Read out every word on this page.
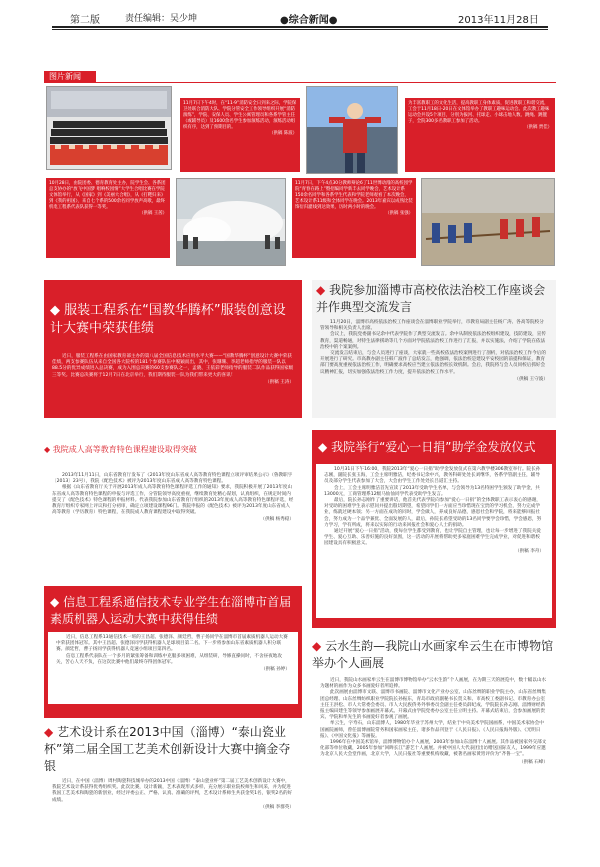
第二版	责任编辑：吴少坤	●综合新闻●	2013年11月28日
图片新闻
11月7日下午4时，在“11·9”消防安全日到来之际，学院保卫处联合消防大队、学院分管安全工作领导组织开展“消防演练”，学院、安保人员、学生公寓管理员和各系学管主任（或辅导员）及1600余名学生参加演练活动，演练活动组织有序，达到了预期目的。
（供稿 陈波）
为丰富教职工的文化生活，提高教职工身体素质，促进教职工和谐交流，工会于11月18日-20日在文体馆举办了教职工趣味运动会。此次教工趣味运动会共设5个项目，分别为拔河、托球走、小球击地人数、跳绳、跳毽子，全院300多名教职工参加了活动。
（供稿 贾佳）
10月28日，由院团委、德育教育处主办，院学生会、各系团总支协办的“放飞中国梦 唱响校园情”大学生合唱比赛在学院文体馆举行，从《国家》到《美丽大合唱》，从《打靶归来》到《我的祖国》，来自七个系的500余名同学放声高歌，最终机电工程系代表队获得一等奖。
（供稿 王茜）
11月7日，下午4点30分教师辩论6了11世博动漫的高校园学院“青春在路上”暨招编同学新丰去同学晚会，艺术设计系150余名同学和各系学生代表和学院老师观看了本次晚会，艺术设计系11级和全体同学在晚会。2013年嘉宾以成熟比装饰衍归灌线到达效果，历时两小时的晚会。
（供稿 张强）
◆ 服装工程系在“国教华腾杯”服装创意设计大赛中荣获佳绩
近日，服装工程系在由国家教育部主办的第八届全国信息技术应用水平大赛——“国教华腾杯”创意设计大赛中荣获佳绩，两支参赛队伍从来自全国各大院校的181个参赛队伍中脱颖而出，其中，张珊珊、李超老师指导的服装一队以88.5分的优异成绩进入总决赛，成为入围总决赛的60支参赛队之一，孟晓、王依彩老师指导的服装二队作品获得国家级三等奖。比赛总决赛将于12月7日在北京举行，我们期待服装一队为我们带来更大的喜讯！
（供稿 王涛）
◆ 我院成人高等教育特色课程建设取得突破
2013年11月11日，山东省教育厅发布了《2013年度山东省成人高等教育特色课程立项评审结果公示》（鲁教职字〔2013〕23号），我院《配色技术》被评为2013年度山东省成人高等教育特色课程。
根据《山东省教育厅关于开展2013年成人高等教育特色课程评选工作的通知》要求，我院积极开展了2013年度山东省成人高等教育特色课程的申报与评选工作，分管院领导高度重视，继续教育处精心谋划，认真组织，在规定时间内提交了《配色技术》特色课程的申报材料。代表我院参加山东省教育厅组织的2013年度成人高等教育特色课程评选，经教育厅组织专家网上评议和打分初审，确定立项建设课程96门。我院申报的《配色技术》被评为2013年度山东省成人高等教育（学历教育）特色课程，在我院成人教育课程建设中取得突破。
（供稿 杨秀稳）
◆ 信息工程系通信技术专业学生在淄博市首届素质机器人运动大赛中获得佳绩
近日，信息工程系13通信技术一班的王昌超、张德泽、颜廷哲，曹子扬同学在淄博市首届素质机器人运动大赛中荣获团体冠军。其中王昌超、张德泽同学获得机器人足球项目第二名。下一步将参加山东省素质机器人积分联赛。颜廷哲，曹子扬同学获得机器人竞速小组项目第四名。
信息工程系代表队在一个多月的紧张筹备和训练中克服多项困难，从组装研，导修直操问时，不舍昼夜地攻关，苦心人天不负，在这次比赛中他们最终夺得团体冠军。
（供稿 孙婷）
◆ 艺术设计系在2013中国（淄博）“泰山瓷业杯”第二届全国工艺美术创新设计大赛中摘金夺银
近日，在中国（淄博）周村陶瓷科技城举办的2013中国（淄博）“泰山瓷业杯”第二届工艺美术创新设计大赛中，我院艺术设计系获得优秀组织奖。此次比赛，设计新颖，艺术表现形式多样，充分展示职业院校师生和风采，并为促进我国工艺美术和陶瓷的新创业，经过评委公正、严格、认真、准确的评判，艺术设计系师生共获金奖1名，银奖2名的好成绩。
（供稿 李群英）
◆ 我院参加淄博市高校依法治校工作座谈会并作典型交流发言
11月20日，淄博市高校依法治校工作座谈会在淄博职业学院举行，市教育局副主任杨广涛、各高等院校分管领导和相关负责人出席。
会议上，我院党委副书记余中代表学院作了典型交流发言。余中从制度依法治校组织建设，技防建设，宣传教育，渠道畅通，对特生法律援助等几个方面对学院依法治校工作进行了汇报，并以实施法，介绍了学院在依法治校中的个案案例。
交流发言结束后，与会人员进行了座谈，大家就一些高校依法治校案例进行了剖析，对依法治校工作今后的开展进行了研究。市高教办副主任韩广波作了总结发言，他强调，依法治校是建设平安校园的前提和保证，教育部门要高度重视依法治校工作，明确要求高校应当建立依法治校长效机制。会后，我院将与会人员同校后抓好会议精神汇报，切实加强依法治校工作力度，提升依法治校工作水平。
（供稿 王守波）
◆ 我院举行“爱心一日捐”助学金发放仪式
10月31日下午16:00，我院2013年“爱心一日捐”助学金发放仪式在第六教学楼306教室举行。院长孙志刚，副院长张玉海，工会主席明雅洁，纪委书记余中兴，教务科研处处长刘继华，各系学管副主任，辅导员及部分学生代表参加了大会，大会由学生工作处处长吕道汇主持。
会上，工会主席明雅洁首先宣读了2013年受助学生名单，与会领导为13名特困学生颁发了助学金，共13000元，工商管理系12级马仙仙同学代表受助学生发言。
最后，院长孙志刚作了重要讲话，他首先代表学院向参加“爱心一日捐”的全体教职工表示衷心的感谢，对受助的困难学生表示慰问并提出殷切期望，希望同学们一方面应当珍惜现在宝贵的学习机会，努力完成学业，练就过硬本领；另一方面在成功的同时，学会做人，养成良好品德，感恩社会和学院，将来能够回报社会，努力成为一个品学兼优、全面发展的人，最后，孙院长希望受助的13名同学要学会珍惜，学会感恩，努力学习，学有所成，将来以实际的行动来回报社会和爱心人士的捐助。
通过开展“爱心一日捐”活动，使每位学生都受到教育，也让学院自主管理，也让每一步增进了我院关爱学生、爱心互助、乐善好施的良好氛围，这一活动的开展将帮助更多家庭困难学生完成学业，对促进和谐校园建设具有积极意义。
（供稿 李舟）
◆ 云水生韵—我院山水画家牟云生在市博物馆举办个人画展
近日，我院山水画家牟云生在淄博市博物馆举办“云水生韵”个人画展，在为期三天的展览中，数十幅以山水为题材的画作为众多书画爱好者所追捧。
此次画展由淄博市文联、淄博市书画院、淄博市文化产业办公室、山东丝绸的职业学院主办，山东省丝绸集团总经理、山东丝绸纺织职业学院院长孙振东，青岛市政府副秘书长贺义和、市高校工委副书记、市教育办公室主任王洪松、市人大常委会委员、市人大民族侨务外事委员会副主任委员薛纪成、学院院长孙志刚、淄博财经新报主编田建生等领导参加画展开幕式。开幕式由学院党委办公室主任立明主持。开幕式结束后，会参加画展的贵宾、学院和牟先生的书画爱好者参观了画展。
牟云生，字寿石，山东淄博人，1980年毕业于苏州大学，结业于中央美术学院国画系，中国美术家协会中国画院画师，曾任淄博画院常务和国家画家主任，诸多作品刊登于《人民日报》、《人民日报海外版》、《光明日报》、《中国文化报》等画报。
1996年在中国美术馆举，淄博博物馆办个人画展，2003年参加山东淄博十人画展。其作品被国家外交部文化部等单位收藏，2005年参加“回眸长江”游艺十人画展。并被中国人大代表团出访赠送国际友人，1999年应邀为北京人民大会堂作画，北京大学，人民日报社等重要机构收藏，被著名画家黄胄评价为“齐鲁一宝”。
（供稿 石峰）
